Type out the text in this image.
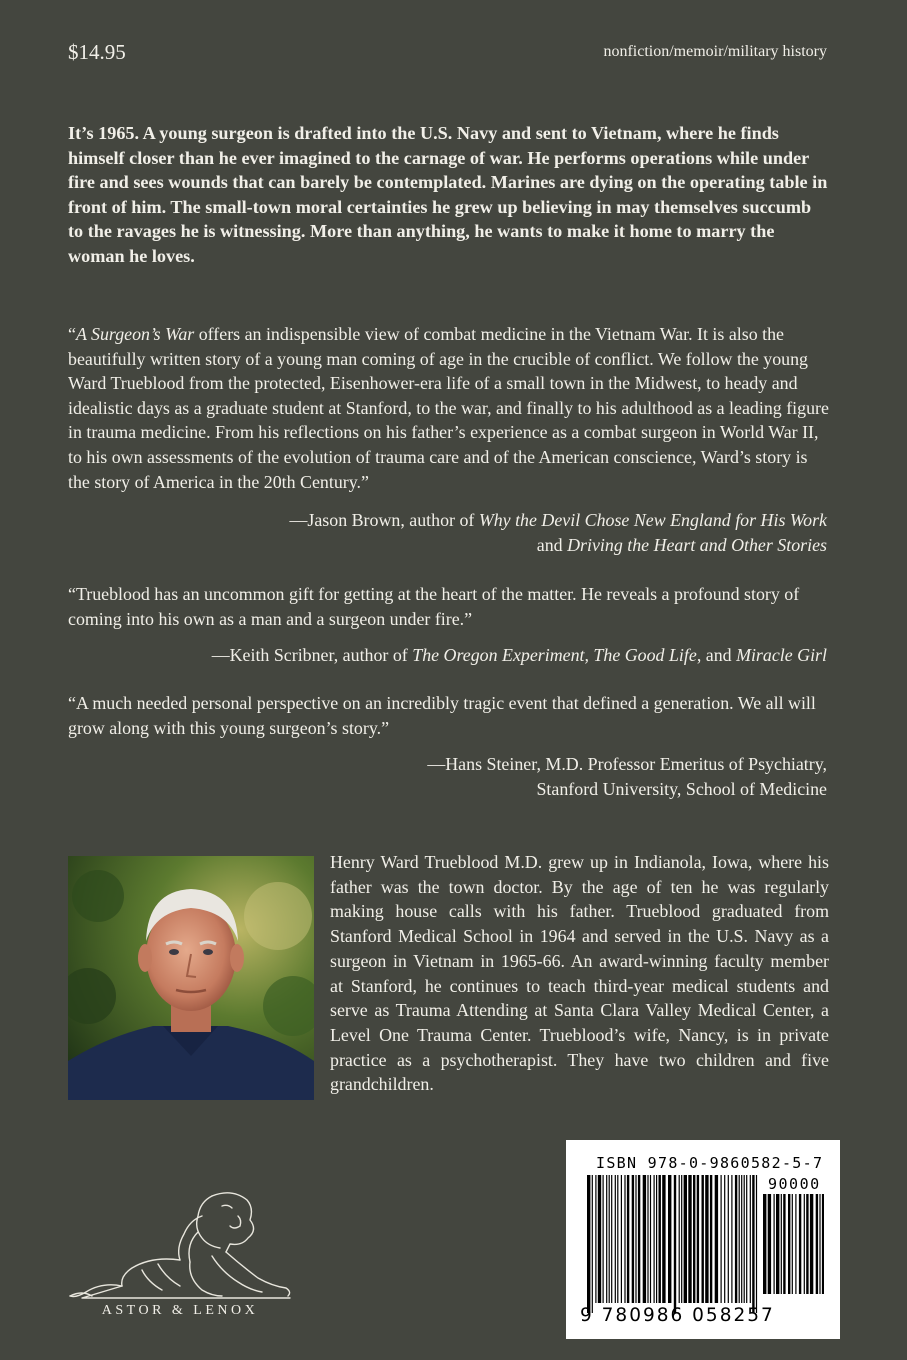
$14.95	nonfiction/memoir/military history

It’s 1965. A young surgeon is drafted into the U.S. Navy and sent to Vietnam, where he finds himself closer than he ever imagined to the carnage of war. He performs operations while under fire and sees wounds that can barely be contemplated. Marines are dying on the operating table in front of him. The small-town moral certainties he grew up believing in may themselves succumb to the ravages he is witnessing. More than anything, he wants to make it home to marry the woman he loves.

“A Surgeon’s War offers an indispensible view of combat medicine in the Vietnam War. It is also the beautifully written story of a young man coming of age in the crucible of conflict. We follow the young Ward Trueblood from the protected, Eisenhower-era life of a small town in the Midwest, to heady and idealistic days as a graduate student at Stanford, to the war, and finally to his adulthood as a leading figure in trauma medicine. From his reflections on his father’s experience as a combat surgeon in World War II, to his own assessments of the evolution of trauma care and of the American conscience, Ward’s story is the story of America in the 20th Century.”

—Jason Brown, author of Why the Devil Chose New England for His Work
and Driving the Heart and Other Stories

“Trueblood has an uncommon gift for getting at the heart of the matter. He reveals a profound story of coming into his own as a man and a surgeon under fire.”

—Keith Scribner, author of The Oregon Experiment, The Good Life, and Miracle Girl

“A much needed personal perspective on an incredibly tragic event that defined a generation. We all will grow along with this young surgeon’s story.”

—Hans Steiner, M.D. Professor Emeritus of Psychiatry,
Stanford University, School of Medicine

Henry Ward Trueblood M.D. grew up in Indianola, Iowa, where his father was the town doctor. By the age of ten he was regularly making house calls with his father. Trueblood graduated from Stanford Medical School in 1964 and served in the U.S. Navy as a surgeon in Vietnam in 1965-66. An award-winning faculty member at Stanford, he continues to teach third-year medical students and serve as Trauma Attending at Santa Clara Valley Medical Center, a Level One Trauma Center. Trueblood’s wife, Nancy, is in private practice as a psychotherapist. They have two children and five grandchildren.

ASTOR & LENOX
ISBN 978-0-9860582-5-7
90000
9 780986 058257
